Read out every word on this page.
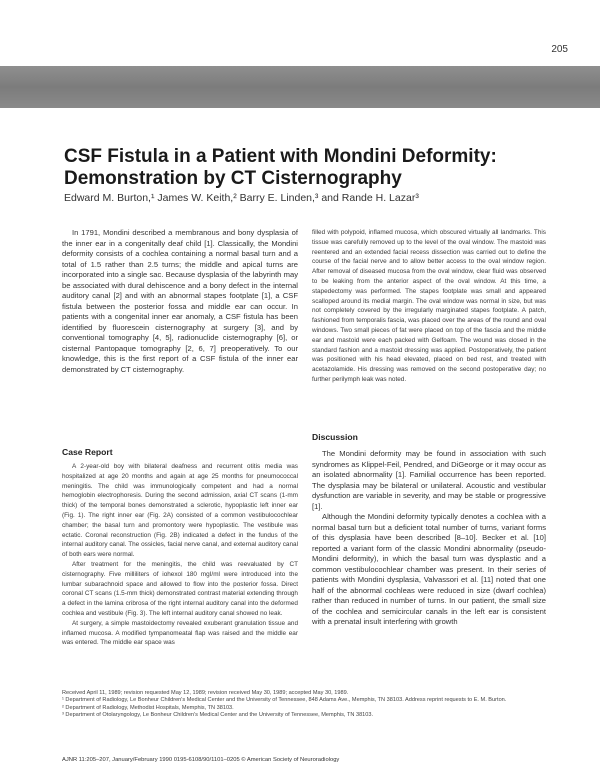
205
CSF Fistula in a Patient with Mondini Deformity: Demonstration by CT Cisternography
Edward M. Burton,¹ James W. Keith,² Barry E. Linden,³ and Rande H. Lazar³

In 1791, Mondini described a membranous and bony dysplasia of the inner ear in a congenitally deaf child [1]. Classically, the Mondini deformity consists of a cochlea containing a normal basal turn and a total of 1.5 rather than 2.5 turns; the middle and apical turns are incorporated into a single sac. Because dysplasia of the labyrinth may be associated with dural dehiscence and a bony defect in the internal auditory canal [2] and with an abnormal stapes footplate [1], a CSF fistula between the posterior fossa and middle ear can occur. In patients with a congenital inner ear anomaly, a CSF fistula has been identified by fluorescein cisternography at surgery [3], and by conventional tomography [4, 5], radionuclide cisternography [6], or cisternal Pantopaque tomography [2, 6, 7] preoperatively. To our knowledge, this is the first report of a CSF fistula of the inner ear demonstrated by CT cisternography.

Case Report

A 2-year-old boy with bilateral deafness and recurrent otitis media was hospitalized at age 20 months and again at age 25 months for pneumococcal meningitis. The child was immunologically competent and had a normal hemoglobin electrophoresis. During the second admission, axial CT scans (1-mm thick) of the temporal bones demonstrated a sclerotic, hypoplastic left inner ear (Fig. 1). The right inner ear (Fig. 2A) consisted of a common vestibulocochlear chamber; the basal turn and promontory were hypoplastic. The vestibule was ectatic. Coronal reconstruction (Fig. 2B) indicated a defect in the fundus of the internal auditory canal. The ossicles, facial nerve canal, and external auditory canal of both ears were normal.

After treatment for the meningitis, the child was reevaluated by CT cisternography. Five milliliters of iohexol 180 mgI/ml were introduced into the lumbar subarachnoid space and allowed to flow into the posterior fossa. Direct coronal CT scans (1.5-mm thick) demonstrated contrast material extending through a defect in the lamina cribrosa of the right internal auditory canal into the deformed cochlea and vestibule (Fig. 3). The left internal auditory canal showed no leak.

At surgery, a simple mastoidectomy revealed exuberant granulation tissue and inflamed mucosa. A modified tympanomeatal flap was raised and the middle ear was entered. The middle ear space was

filled with polypoid, inflamed mucosa, which obscured virtually all landmarks. This tissue was carefully removed up to the level of the oval window. The mastoid was reentered and an extended facial recess dissection was carried out to define the course of the facial nerve and to allow better access to the oval window region. After removal of diseased mucosa from the oval window, clear fluid was observed to be leaking from the anterior aspect of the oval window. At this time, a stapedectomy was performed. The stapes footplate was small and appeared scalloped around its medial margin. The oval window was normal in size, but was not completely covered by the irregularly marginated stapes footplate. A patch, fashioned from temporalis fascia, was placed over the areas of the round and oval windows. Two small pieces of fat were placed on top of the fascia and the middle ear and mastoid were each packed with Gelfoam. The wound was closed in the standard fashion and a mastoid dressing was applied. Postoperatively, the patient was positioned with his head elevated, placed on bed rest, and treated with acetazolamide. His dressing was removed on the second postoperative day; no further perilymph leak was noted.

Discussion

The Mondini deformity may be found in association with such syndromes as Klippel-Feil, Pendred, and DiGeorge or it may occur as an isolated abnormality [1]. Familial occurrence has been reported. The dysplasia may be bilateral or unilateral. Acoustic and vestibular dysfunction are variable in severity, and may be stable or progressive [1].

Although the Mondini deformity typically denotes a cochlea with a normal basal turn but a deficient total number of turns, variant forms of this dysplasia have been described [8–10]. Becker et al. [10] reported a variant form of the classic Mondini abnormality (pseudo-Mondini deformity), in which the basal turn was dysplastic and a common vestibulocochlear chamber was present. In their series of patients with Mondini dysplasia, Valvassori et al. [11] noted that one half of the abnormal cochleas were reduced in size (dwarf cochlea) rather than reduced in number of turns. In our patient, the small size of the cochlea and semicircular canals in the left ear is consistent with a prenatal insult interfering with growth

Received April 11, 1989; revision requested May 12, 1989; revision received May 30, 1989; accepted May 30, 1989.
¹ Department of Radiology, Le Bonheur Children's Medical Center and the University of Tennessee, 848 Adams Ave., Memphis, TN 38103. Address reprint requests to E. M. Burton.
² Department of Radiology, Methodist Hospitals, Memphis, TN 38103.
³ Department of Otolaryngology, Le Bonheur Children's Medical Center and the University of Tennessee, Memphis, TN 38103.
AJNR 11:205–207, January/February 1990 0195-6108/90/1101–0205 © American Society of Neuroradiology
